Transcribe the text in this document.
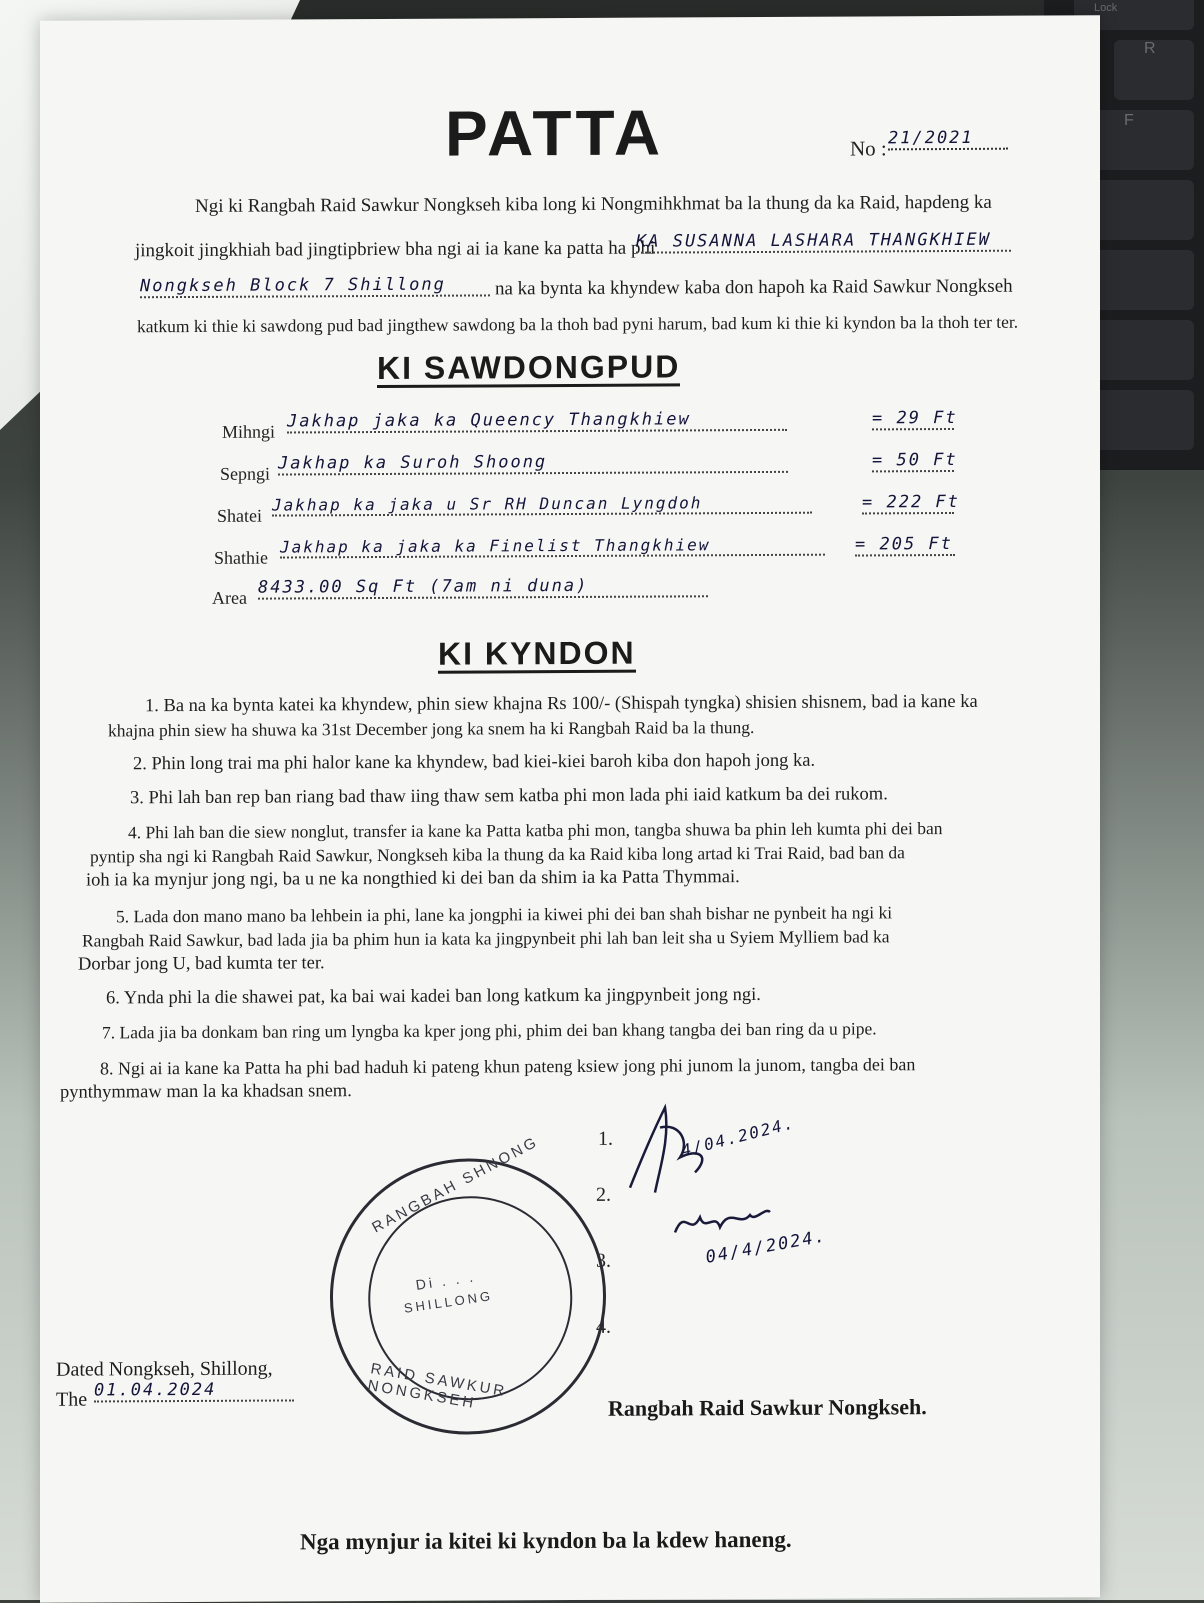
Lock
R
F
PATTA	No : 21/2021
Ngi ki Rangbah Raid Sawkur Nongkseh kiba long ki Nongmihkhmat ba la thung da ka Raid, hapdeng ka
jingkoit jingkhiah bad jingtipbriew bha ngi ai ia kane ka patta ha phi
KA SUSANNA LASHARA THANGKHIEW
Nongkseh Block 7 Shillong	na ka bynta ka khyndew kaba don hapoh ka Raid Sawkur Nongkseh
katkum ki thie ki sawdong pud bad jingthew sawdong ba la thoh bad pyni harum, bad kum ki thie ki kyndon ba la thoh ter ter.
KI SAWDONGPUD
Mihngi
Jakhap jaka ka Queency Thangkhiew	= 29 Ft
Sepngi
Jakhap ka Suroh Shoong	= 50 Ft
Shatei
Jakhap ka jaka u Sr RH Duncan Lyngdoh	= 222 Ft
Shathie
Jakhap ka jaka ka Finelist Thangkhiew	= 205 Ft
Area
8433.00 Sq Ft (7am ni duna)
KI KYNDON
1. Ba na ka bynta katei ka khyndew, phin siew khajna Rs 100/- (Shispah tyngka) shisien shisnem, bad ia kane ka
khajna phin siew ha shuwa ka 31st December jong ka snem ha ki Rangbah Raid ba la thung.
2. Phin long trai ma phi halor kane ka khyndew, bad kiei-kiei baroh kiba don hapoh jong ka.
3. Phi lah ban rep ban riang bad thaw iing thaw sem katba phi mon lada phi iaid katkum ba dei rukom.
4. Phi lah ban die siew nonglut, transfer ia kane ka Patta katba phi mon, tangba shuwa ba phin leh kumta phi dei ban
pyntip sha ngi ki Rangbah Raid Sawkur, Nongkseh kiba la thung da ka Raid kiba long artad ki Trai Raid, bad ban da
ioh ia ka mynjur jong ngi, ba u ne ka nongthied ki dei ban da shim ia ka Patta Thymmai.
5. Lada don mano mano ba lehbein ia phi, lane ka jongphi ia kiwei phi dei ban shah bishar ne pynbeit ha ngi ki
Rangbah Raid Sawkur, bad lada jia ba phim hun ia kata ka jingpynbeit phi lah ban leit sha u Syiem Mylliem bad ka
Dorbar jong U, bad kumta ter ter.
6. Ynda phi la die shawei pat, ka bai wai kadei ban long katkum ka jingpynbeit jong ngi.
7. Lada jia ba donkam ban ring um lyngba ka kper jong phi, phim dei ban khang tangba dei ban ring da u pipe.
8. Ngi ai ia kane ka Patta ha phi bad haduh ki pateng khun pateng ksiew jong phi junom la junom, tangba dei ban
pynthymmaw man la ka khadsan snem.
1.
2.
3.
4.
4/04.2024.
04/4/2024.
RANGBAH SHNONG
Di . . .
SHILLONG
RAID SAWKUR NONGKSEH
Dated Nongkseh, Shillong,
The 01.04.2024
Rangbah Raid Sawkur Nongkseh.
Nga mynjur ia kitei ki kyndon ba la kdew haneng.
